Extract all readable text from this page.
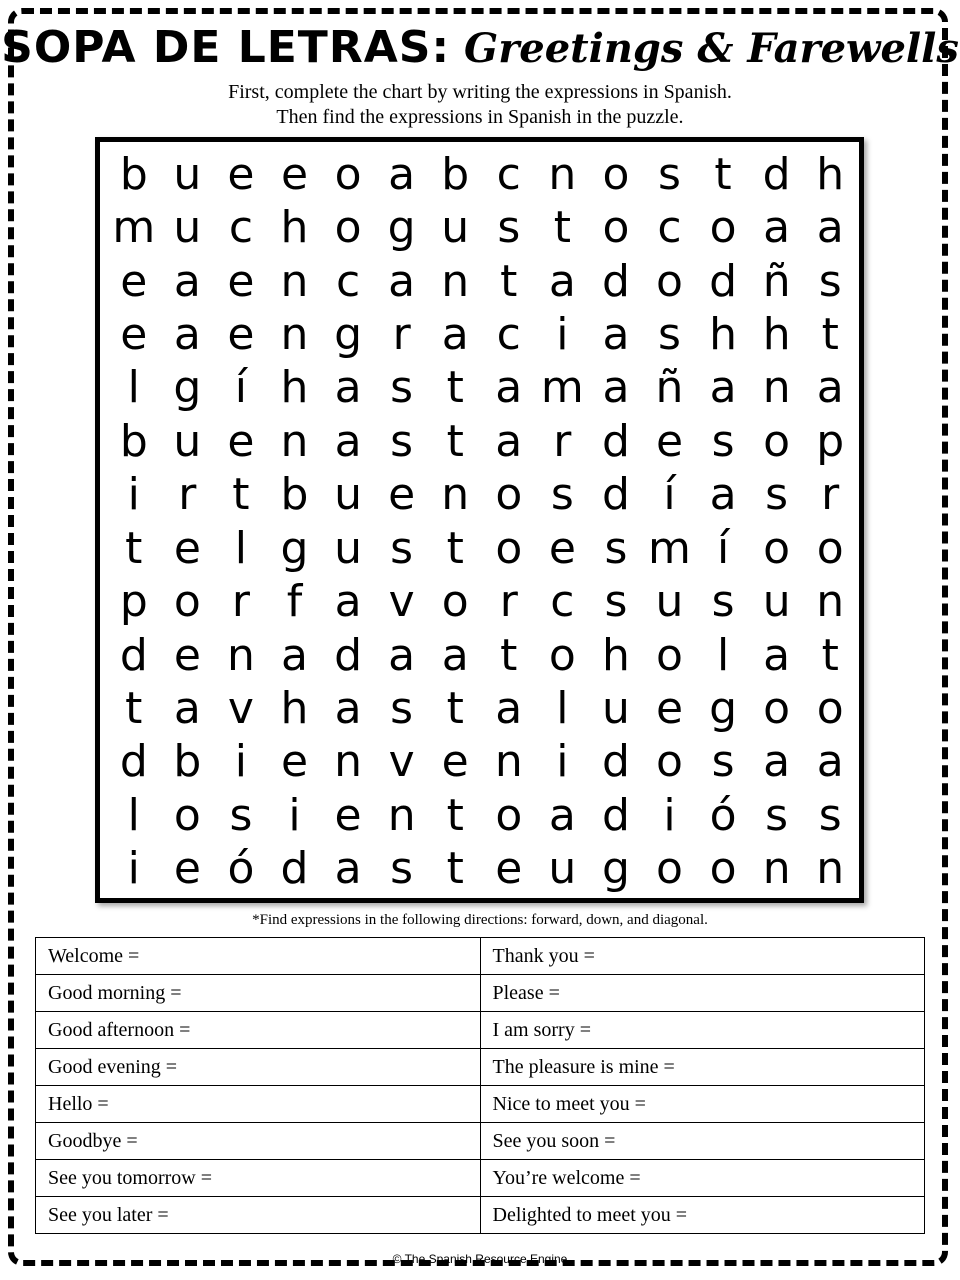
SOPA DE LETRAS: Greetings & Farewells
First, complete the chart by writing the expressions in Spanish.
Then find the expressions in Spanish in the puzzle.
b u e e o a b c n o s t d h
m u c h o g u s t o c o a a
e a e n c a n t a d o d ñ s
e a e n g r a c i a s h h t
l g í h a s t a m a ñ a n a
b u e n a s t a r d e s o p
i r t b u e n o s d í a s r
t e l g u s t o e s m í o o
p o r f a v o r c s u s u n
d e n a d a a t o h o l a t
t a v h a s t a l u e g o o
d b i e n v e n i d o s a a
l o s i e n t o a d i ó s s
i e ó d a s t e u g o o n n
*Find expressions in the following directions: forward, down, and diagonal.
Welcome =	Thank you =
Good morning =	Please =
Good afternoon =	I am sorry =
Good evening =	The pleasure is mine =
Hello =	Nice to meet you =
Goodbye =	See you soon =
See you tomorrow =	You’re welcome =
See you later =	Delighted to meet you =
© The Spanish Resource Engine
